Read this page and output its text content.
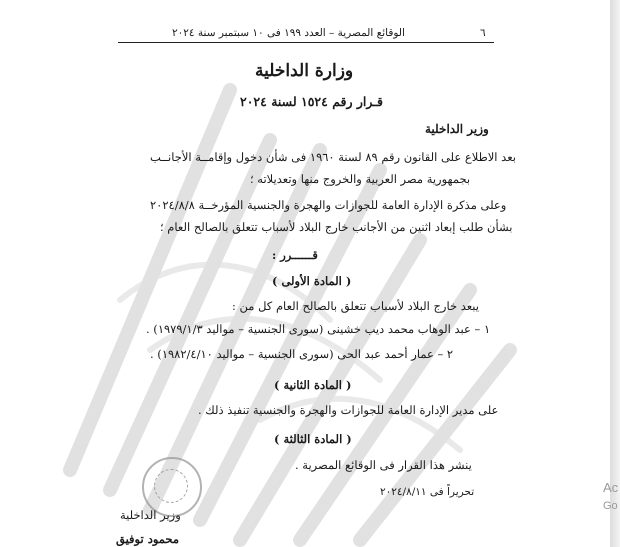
٦
الوقائع المصرية – العدد ١٩٩ فى ١٠ سبتمبر سنة ٢٠٢٤
وزارة الداخلية
قـرار رقم ١٥٢٤ لسنة ٢٠٢٤
وزير الداخلية
بعد الاطلاع على القانون رقم ٨٩ لسنة ١٩٦٠ فى شأن دخول وإقامــة الأجانــب
بجمهورية مصر العربية والخروج منها وتعديلاته ؛
وعلى مذكرة الإدارة العامة للجوازات والهجرة والجنسية المؤرخــة ٢٠٢٤/٨/٨
بشأن طلب إبعاد اثنين من الأجانب خارج البلاد لأسباب تتعلق بالصالح العام ؛
قــــــرر :
( المادة الأولى )
يبعد خارج البلاد لأسباب تتعلق بالصالح العام كل من :
١ – عبد الوهاب محمد ديب خشينى (سورى الجنسية – مواليد ١٩٧٩/١/٣) .
٢ – عمار أحمد عبد الحى (سورى الجنسية – مواليد ١٩٨٢/٤/١٠) .
( المادة الثانية )
على مدير الإدارة العامة للجوازات والهجرة والجنسية تنفيذ ذلك .
( المادة الثالثة )
ينشر هذا القرار فى الوقائع المصرية .
تحريراً فى ٢٠٢٤/٨/١١
وزير الداخلية
محمود توفيق
Ac
Go
